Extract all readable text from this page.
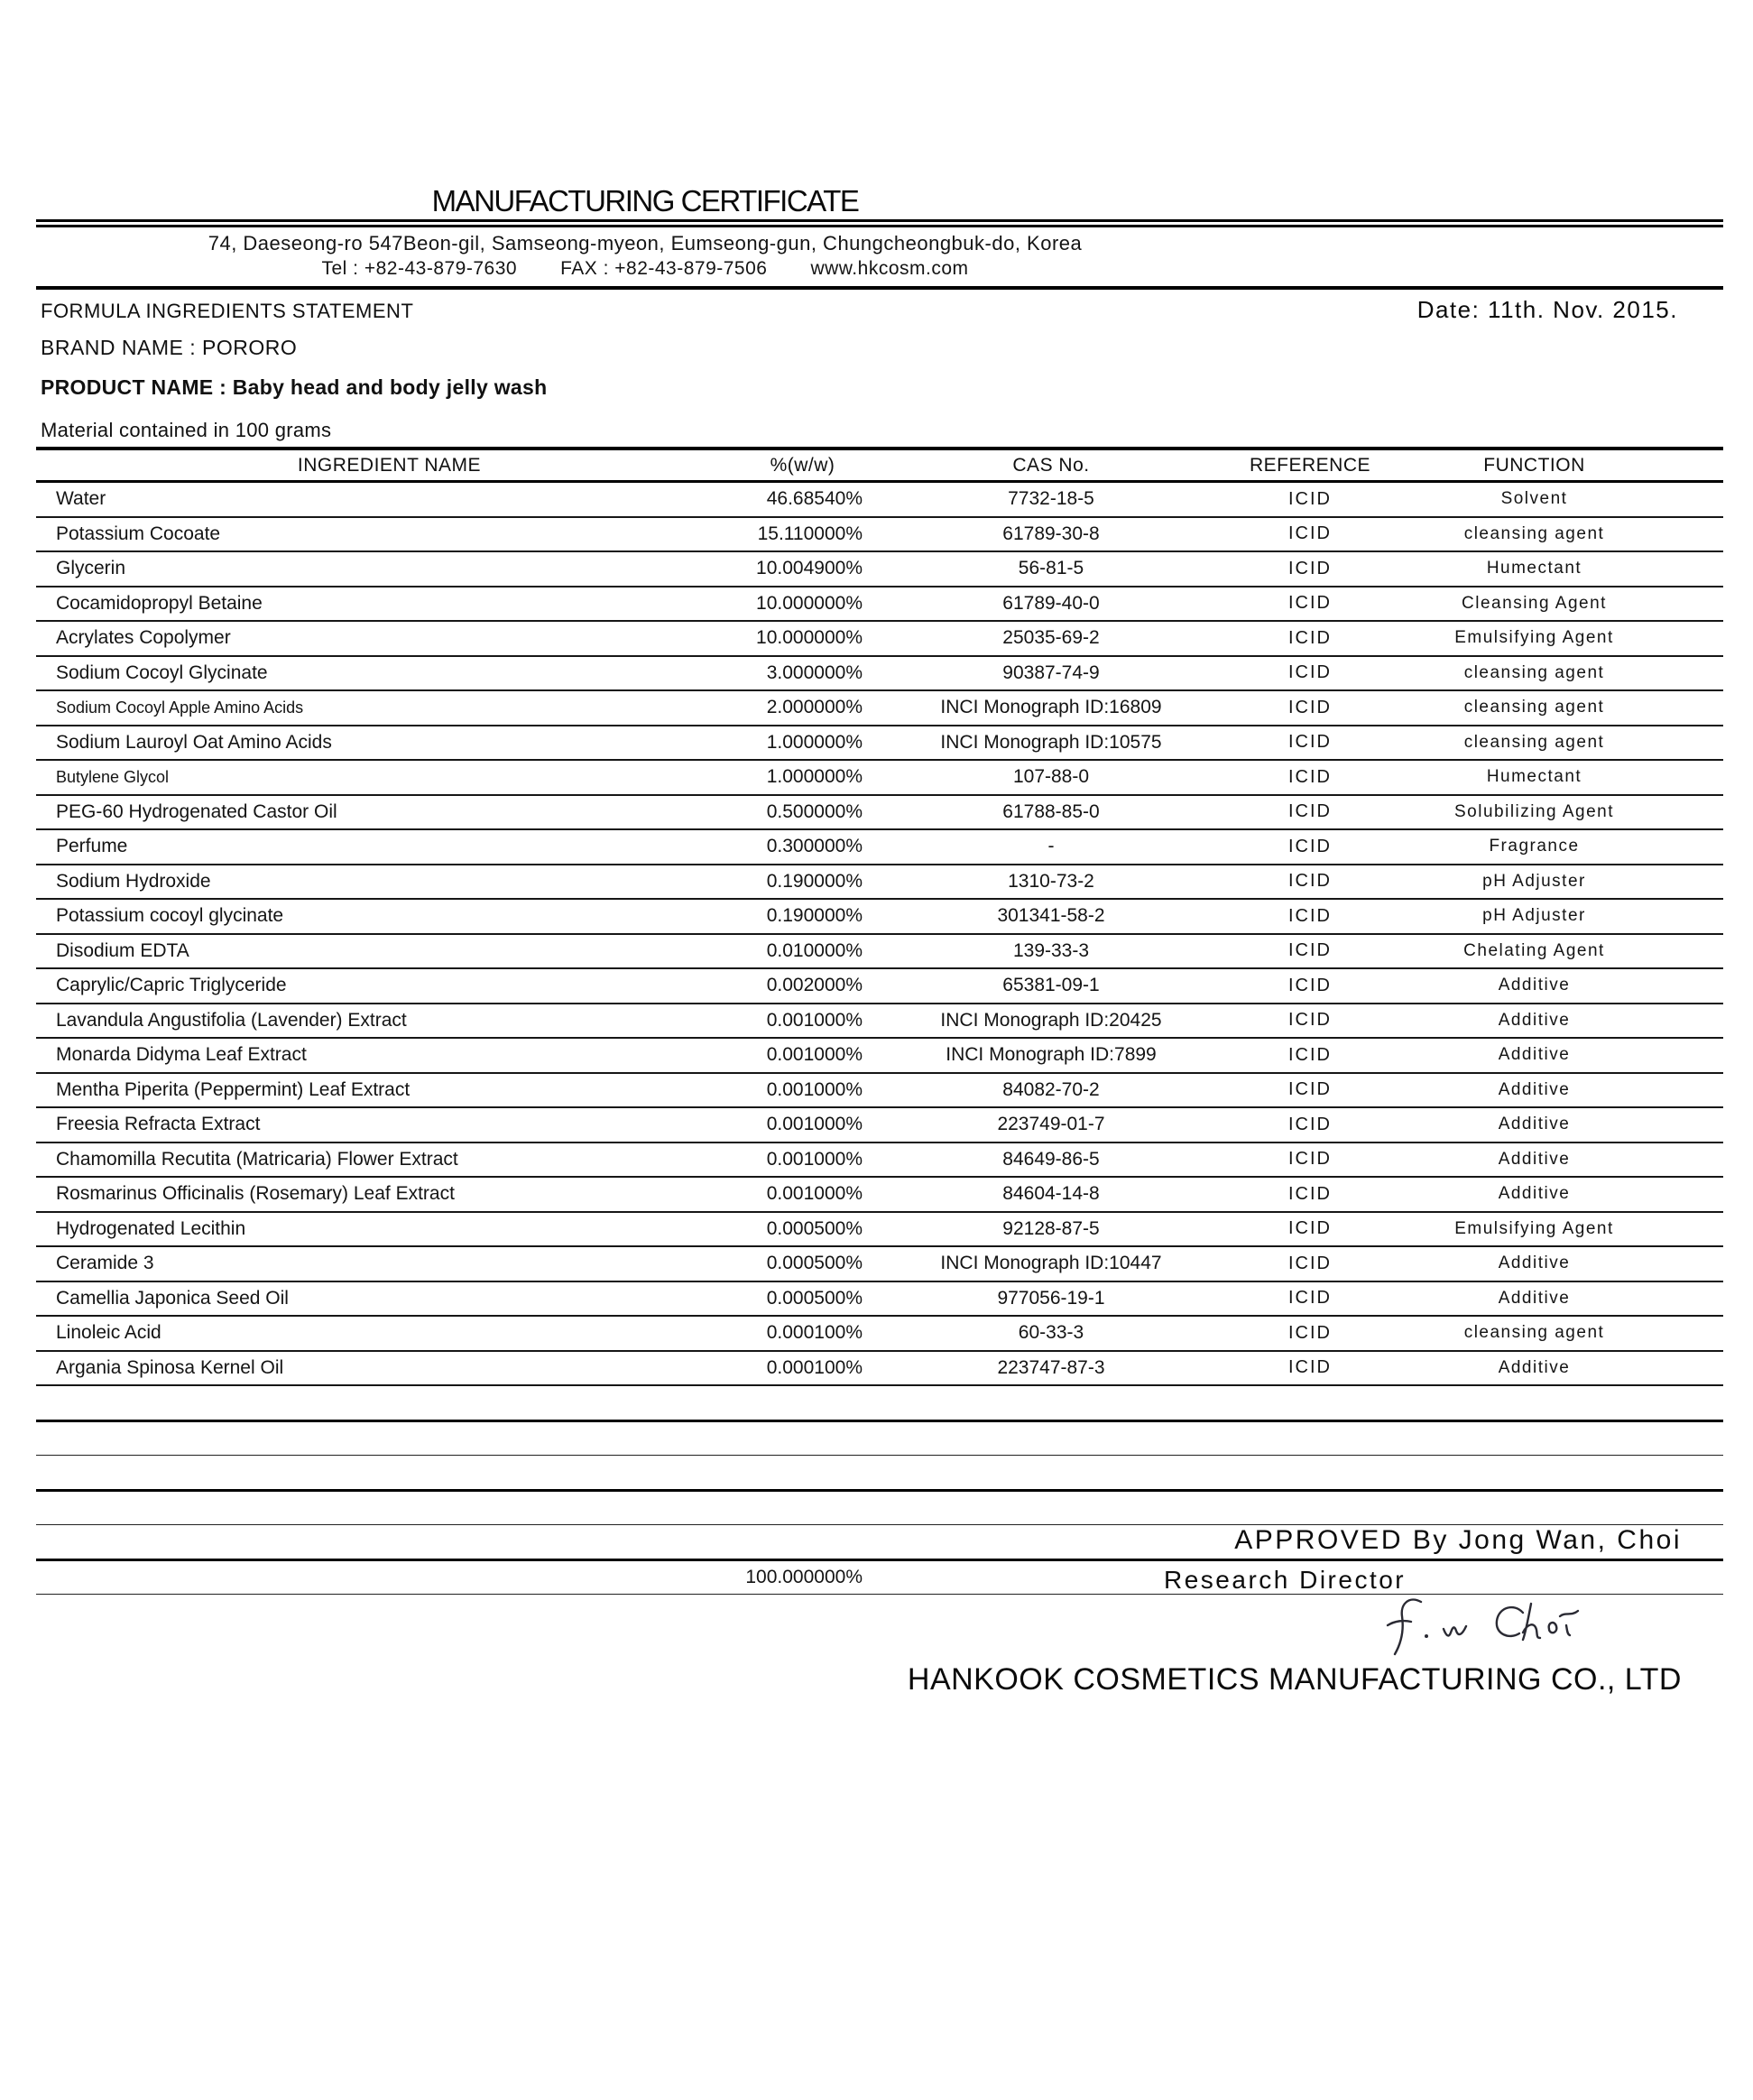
MANUFACTURING CERTIFICATE
74, Daeseong-ro 547Beon-gil, Samseong-myeon, Eumseong-gun, Chungcheongbuk-do, Korea
Tel : +82-43-879-7630 FAX : +82-43-879-7506 www.hkcosm.com
FORMULA INGREDIENTS STATEMENT	Date: 11th. Nov. 2015.
BRAND NAME : PORORO
PRODUCT NAME : Baby head and body jelly wash
Material contained in 100 grams
INGREDIENT NAME	%(w/w)	CAS No.	REFERENCE	FUNCTION
Water	46.68540%	7732-18-5	ICID	Solvent
Potassium Cocoate	15.110000%	61789-30-8	ICID	cleansing agent
Glycerin	10.004900%	56-81-5	ICID	Humectant
Cocamidopropyl Betaine	10.000000%	61789-40-0	ICID	Cleansing Agent
Acrylates Copolymer	10.000000%	25035-69-2	ICID	Emulsifying Agent
Sodium Cocoyl Glycinate	3.000000%	90387-74-9	ICID	cleansing agent
Sodium Cocoyl Apple Amino Acids	2.000000%	INCI Monograph ID:16809	ICID	cleansing agent
Sodium Lauroyl Oat Amino Acids	1.000000%	INCI Monograph ID:10575	ICID	cleansing agent
Butylene Glycol	1.000000%	107-88-0	ICID	Humectant
PEG-60 Hydrogenated Castor Oil	0.500000%	61788-85-0	ICID	Solubilizing Agent
Perfume	0.300000%	-	ICID	Fragrance
Sodium Hydroxide	0.190000%	1310-73-2	ICID	pH Adjuster
Potassium cocoyl glycinate	0.190000%	301341-58-2	ICID	pH Adjuster
Disodium EDTA	0.010000%	139-33-3	ICID	Chelating Agent
Caprylic/Capric Triglyceride	0.002000%	65381-09-1	ICID	Additive
Lavandula Angustifolia (Lavender) Extract	0.001000%	INCI Monograph ID:20425	ICID	Additive
Monarda Didyma Leaf Extract	0.001000%	INCI Monograph ID:7899	ICID	Additive
Mentha Piperita (Peppermint) Leaf Extract	0.001000%	84082-70-2	ICID	Additive
Freesia Refracta Extract	0.001000%	223749-01-7	ICID	Additive
Chamomilla Recutita (Matricaria) Flower Extract	0.001000%	84649-86-5	ICID	Additive
Rosmarinus Officinalis (Rosemary) Leaf Extract	0.001000%	84604-14-8	ICID	Additive
Hydrogenated Lecithin	0.000500%	92128-87-5	ICID	Emulsifying Agent
Ceramide 3	0.000500%	INCI Monograph ID:10447	ICID	Additive
Camellia Japonica Seed Oil	0.000500%	977056-19-1	ICID	Additive
Linoleic Acid	0.000100%	60-33-3	ICID	cleansing agent
Argania Spinosa Kernel Oil	0.000100%	223747-87-3	ICID	Additive

	100.000000%			
APPROVED By Jong Wan, Choi
Research Director
HANKOOK COSMETICS MANUFACTURING CO., LTD
